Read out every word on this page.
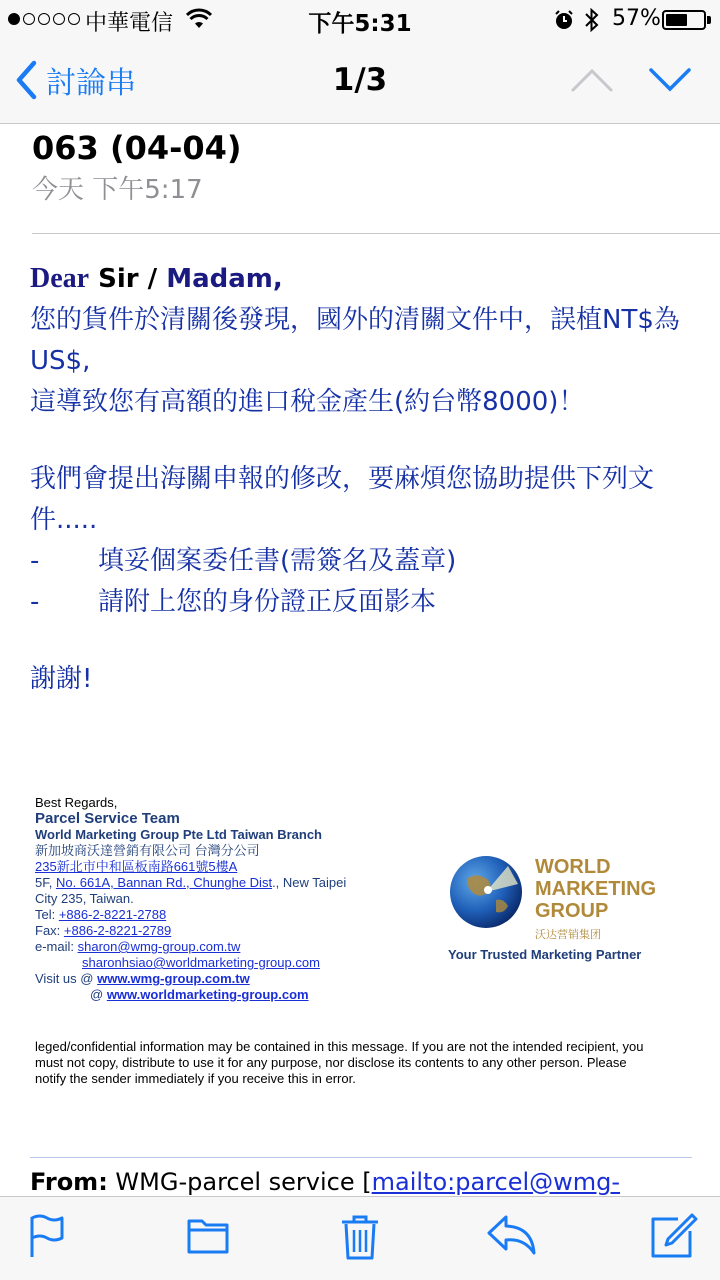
中華電信	下午5:31	57%
討論串	1/3
063 (04-04)
今天 下午5:17
Dear Sir / Madam,
您的貨件於清關後發現，國外的清關文件中，誤植NT$為US$,
這導致您有高額的進口稅金產生(約台幣8000)！
我們會提出海關申報的修改，要麻煩您協助提供下列文件.....
-	填妥個案委任書(需簽名及蓋章)
-	請附上您的身份證正反面影本
謝謝!
Best Regards,
Parcel Service Team
World Marketing Group Pte Ltd Taiwan Branch
新加坡商沃達營銷有限公司 台灣分公司
235新北市中和區板南路661號5樓A
5F, No. 661A, Bannan Rd., Chunghe Dist., New Taipei City 235, Taiwan.
Tel: +886-2-8221-2788
Fax: +886-2-8221-2789
e-mail: sharon@wmg-group.com.tw
sharonhsiao@worldmarketing-group.com
Visit us @ www.wmg-group.com.tw
@ www.worldmarketing-group.com
WORLD
MARKETING
GROUP
沃达营销集团
Your Trusted Marketing Partner
leged/confidential information may be contained in this message. If you are not the intended recipient, you must not copy, distribute to use it for any purpose, nor disclose its contents to any other person. Please notify the sender immediately if you receive this in error.
From: WMG-parcel service [mailto:parcel@wmg-
